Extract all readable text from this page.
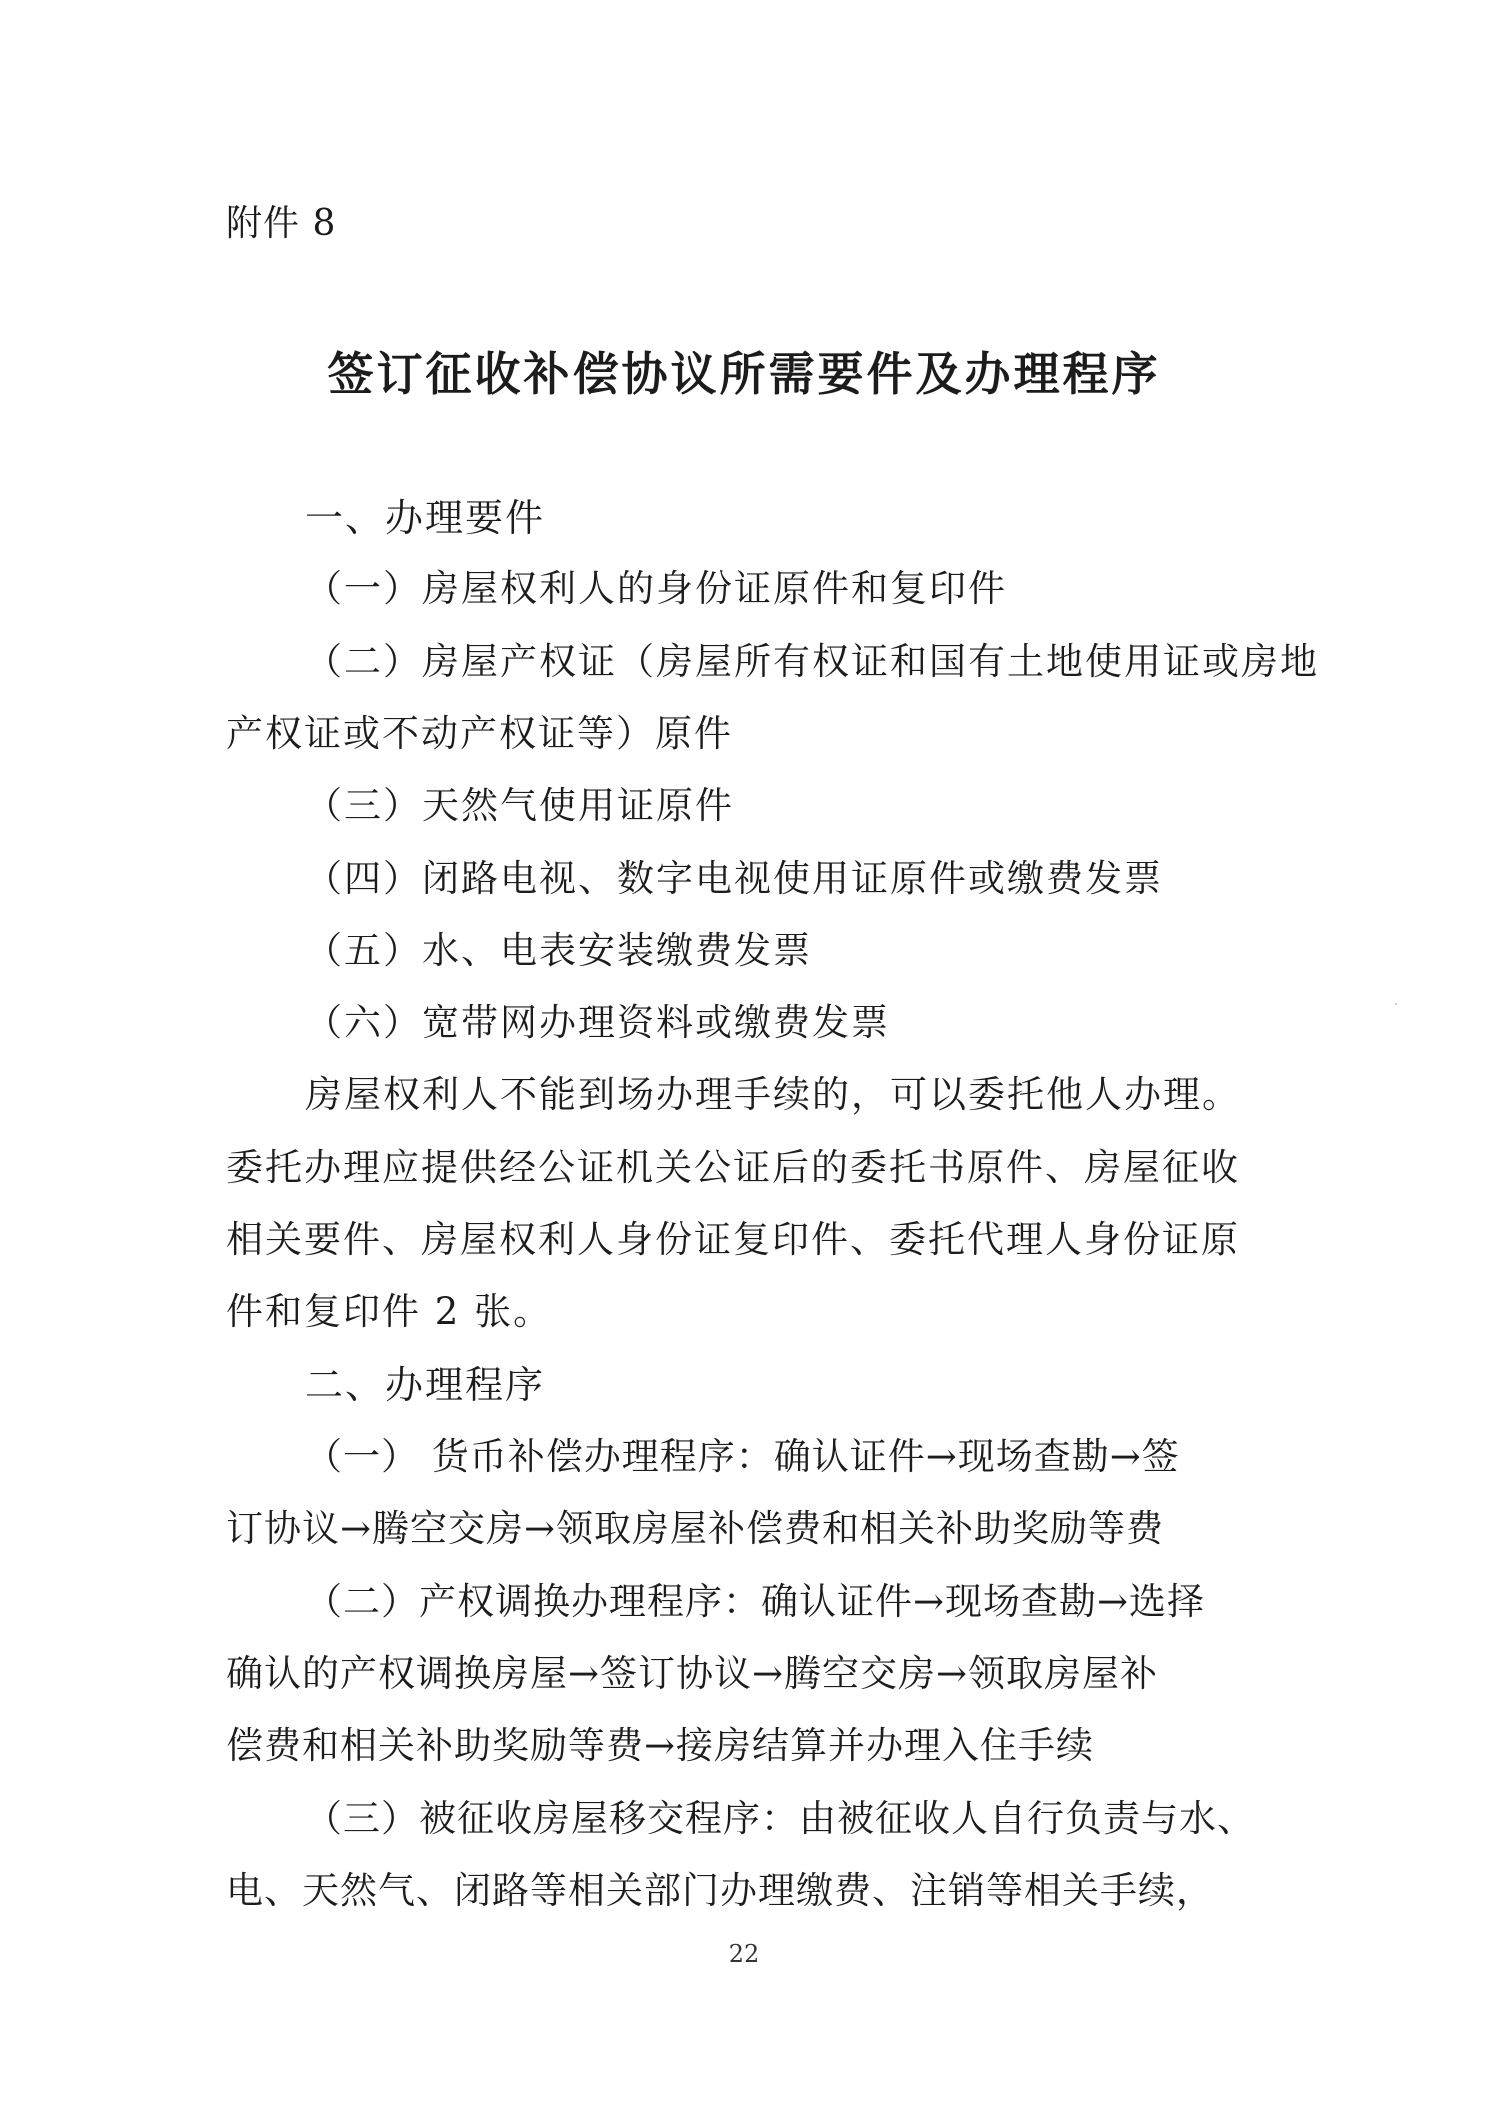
附件 8
签订征收补偿协议所需要件及办理程序
一、办理要件
（一）房屋权利人的身份证原件和复印件
（二）房屋产权证（房屋所有权证和国有土地使用证或房地
产权证或不动产权证等）原件
（三）天然气使用证原件
（四）闭路电视、数字电视使用证原件或缴费发票
（五）水、电表安装缴费发票
（六）宽带网办理资料或缴费发票
房屋权利人不能到场办理手续的，可以委托他人办理。
委托办理应提供经公证机关公证后的委托书原件、房屋征收
相关要件、房屋权利人身份证复印件、委托代理人身份证原
件和复印件 2 张。
二、办理程序
（一） 货币补偿办理程序：确认证件→现场查勘→签
订协议→腾空交房→领取房屋补偿费和相关补助奖励等费
（二）产权调换办理程序：确认证件→现场查勘→选择
确认的产权调换房屋→签订协议→腾空交房→领取房屋补
偿费和相关补助奖励等费→接房结算并办理入住手续
（三）被征收房屋移交程序：由被征收人自行负责与水、
电、天然气、闭路等相关部门办理缴费、注销等相关手续，
22
